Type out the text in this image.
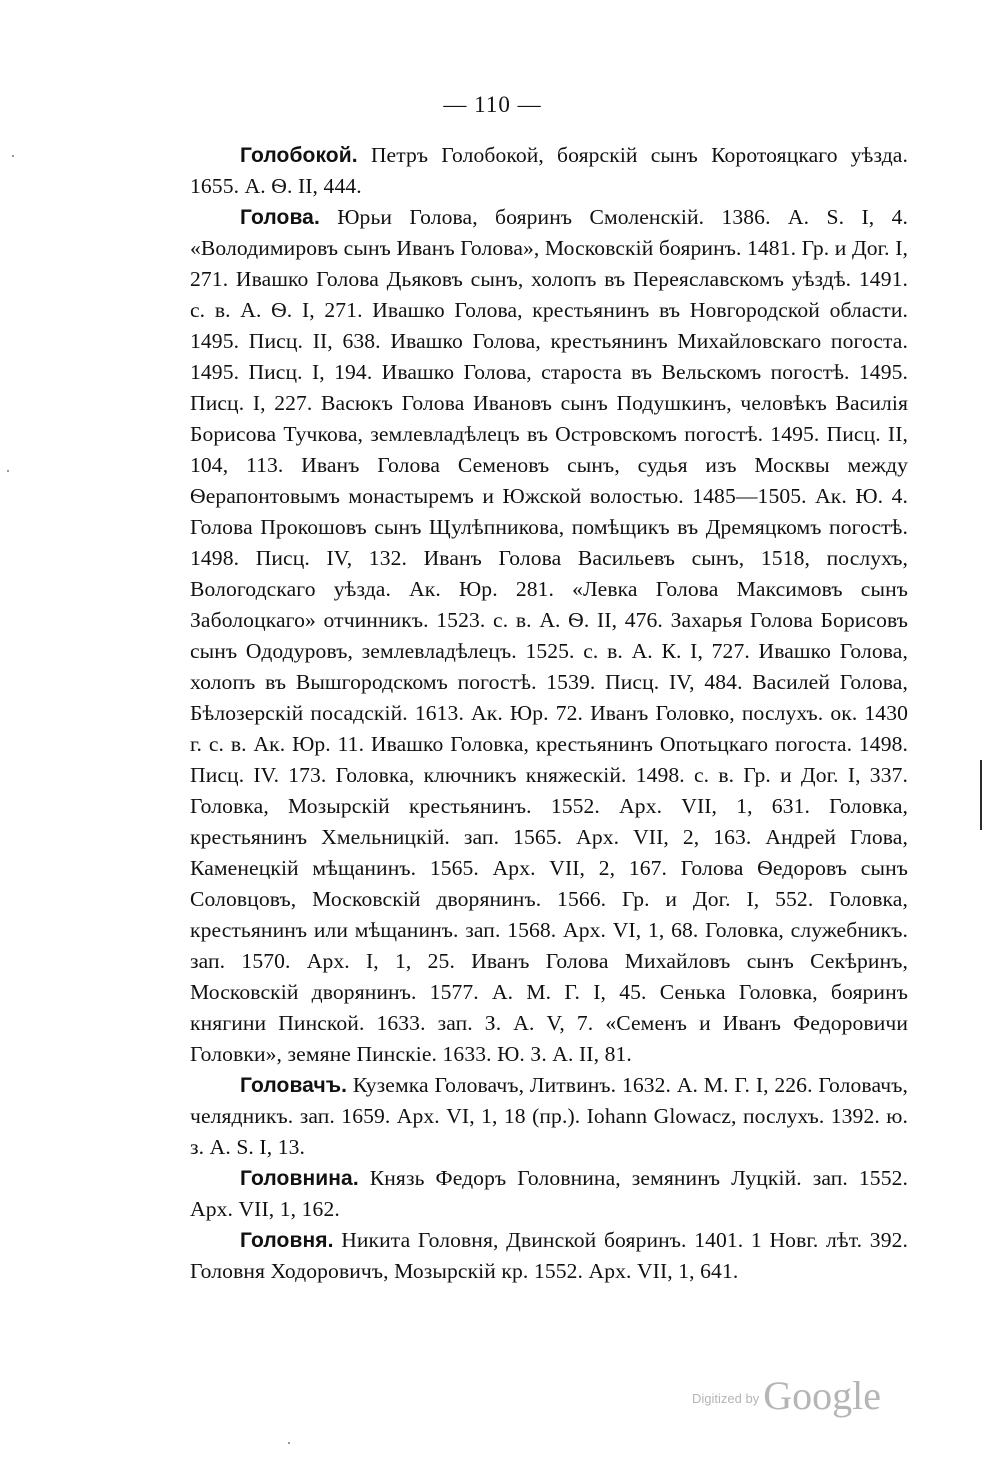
— 110 —

Голобокой. Петръ Голобокой, боярскій сынъ Коротояцкаго уѣзда. 1655. А. Ѳ. II, 444.

Голова. Юрьи Голова, бояринъ Смоленскій. 1386. А. S. I, 4. «Володимировъ сынъ Иванъ Голова», Московскій бояринъ. 1481. Гр. и Дог. I, 271. Ивашко Голова Дьяковъ сынъ, холопъ въ Переяславскомъ уѣздѣ. 1491. с. в. А. Ѳ. I, 271. Ивашко Голова, крестьянинъ въ Новгородской области. 1495. Писц. II, 638. Ивашко Голова, крестьянинъ Михайловскаго погоста. 1495. Писц. I, 194. Ивашко Голова, староста въ Вельскомъ погостѣ. 1495. Писц. I, 227. Васюкъ Голова Ивановъ сынъ Подушкинъ, человѣкъ Василія Борисова Тучкова, землевладѣлецъ въ Островскомъ погостѣ. 1495. Писц. II, 104, 113. Иванъ Голова Семеновъ сынъ, судья изъ Москвы между Ѳерапонтовымъ монастыремъ и Южской волостью. 1485—1505. Ак. Ю. 4. Голова Прокошовъ сынъ Щулѣпникова, помѣщикъ въ Дремяцкомъ погостѣ. 1498. Писц. IV, 132. Иванъ Голова Васильевъ сынъ, 1518, послухъ, Вологодскаго уѣзда. Ак. Юр. 281. «Левка Голова Максимовъ сынъ Заболоцкаго» отчинникъ. 1523. с. в. А. Ѳ. II, 476. Захарья Голова Борисовъ сынъ Ододуровъ, землевладѣлецъ. 1525. с. в. А. К. I, 727. Ивашко Голова, холопъ въ Вышгородскомъ погостѣ. 1539. Писц. IV, 484. Василей Голова, Бѣлозерскій посадскій. 1613. Ак. Юр. 72. Иванъ Головко, послухъ. ок. 1430 г. с. в. Ак. Юр. 11. Ивашко Головка, крестьянинъ Опотьцкаго погоста. 1498. Писц. IV. 173. Головка, ключникъ княжескій. 1498. с. в. Гр. и Дог. I, 337. Головка, Мозырскій крестьянинъ. 1552. Арх. VII, 1, 631. Головка, крестьянинъ Хмельницкій. зап. 1565. Арх. VII, 2, 163. Андрей Глова, Каменецкій мѣщанинъ. 1565. Арх. VII, 2, 167. Голова Ѳедоровъ сынъ Соловцовъ, Московскій дворянинъ. 1566. Гр. и Дог. I, 552. Головка, крестьянинъ или мѣщанинъ. зап. 1568. Арх. VI, 1, 68. Головка, служебникъ. зап. 1570. Арх. I, 1, 25. Иванъ Голова Михайловъ сынъ Секѣринъ, Московскій дворянинъ. 1577. А. М. Г. I, 45. Сенька Головка, бояринъ княгини Пинской. 1633. зап. З. А. V, 7. «Семенъ и Иванъ Федоровичи Головки», земяне Пинскіе. 1633. Ю. З. А. II, 81.

Головачъ. Куземка Головачъ, Литвинъ. 1632. А. М. Г. I, 226. Головачъ, челядникъ. зап. 1659. Арх. VI, 1, 18 (пр.). Iohann Glowacz, послухъ. 1392. ю. з. А. S. I, 13.

Головнина. Князь Федоръ Головнина, земянинъ Луцкій. зап. 1552. Арх. VII, 1, 162.

Головня. Никита Головня, Двинской бояринъ. 1401. 1 Новг. лѣт. 392. Головня Ходоровичъ, Мозырскій кр. 1552. Арх. VII, 1, 641.

$^{Digitized by}$ Google
